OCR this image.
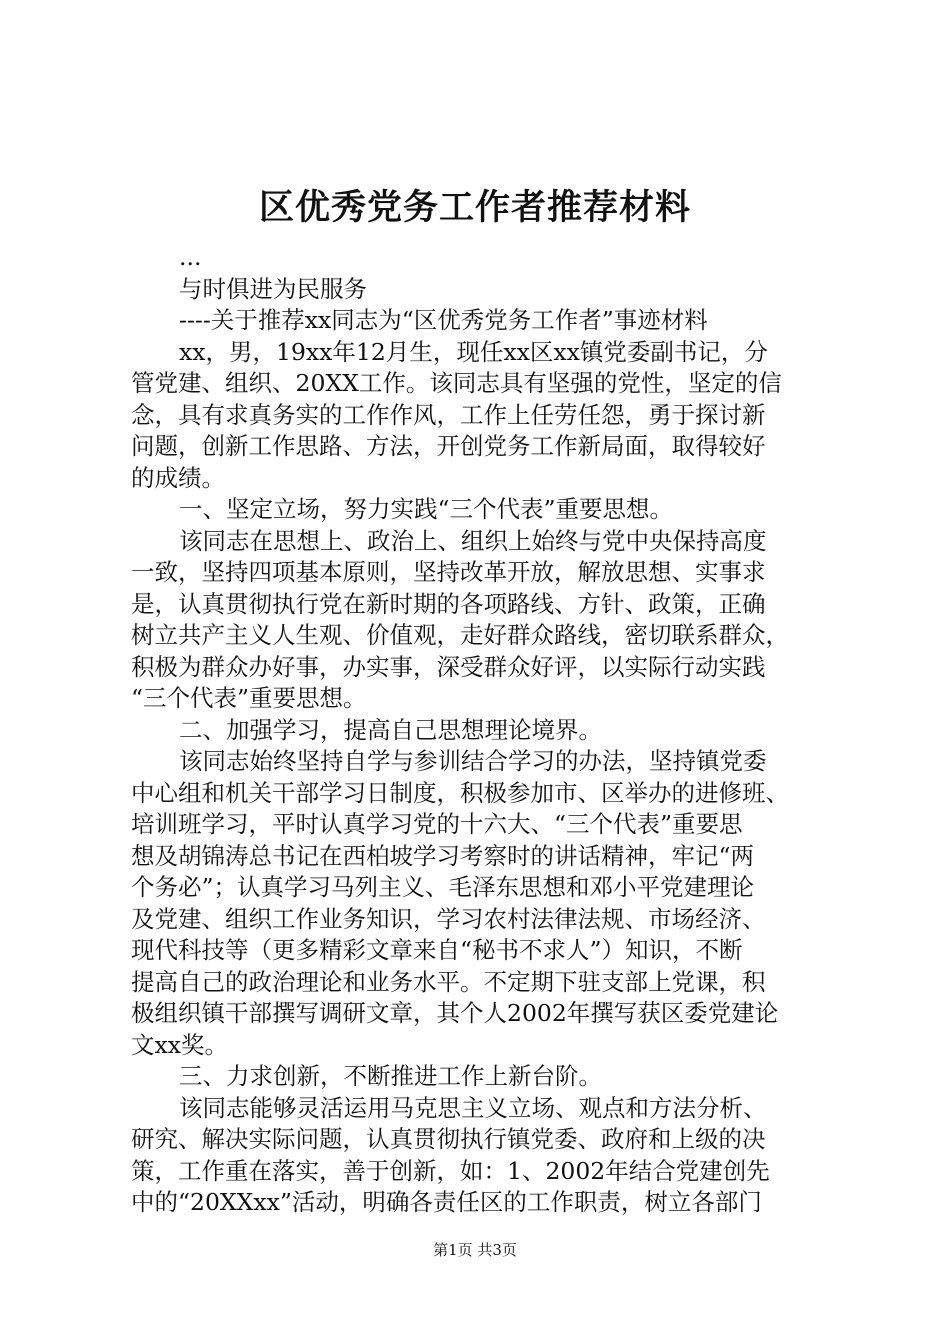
区优秀党务工作者推荐材料
...
与时俱进为民服务
----关于推荐xx同志为“区优秀党务工作者”事迹材料
xx，男，19xx年12月生，现任xx区xx镇党委副书记，分
管党建、组织、20XX工作。该同志具有坚强的党性，坚定的信
念，具有求真务实的工作作风，工作上任劳任怨，勇于探讨新
问题，创新工作思路、方法，开创党务工作新局面，取得较好
的成绩。
一、坚定立场，努力实践“三个代表”重要思想。
该同志在思想上、政治上、组织上始终与党中央保持高度
一致，坚持四项基本原则，坚持改革开放，解放思想、实事求
是，认真贯彻执行党在新时期的各项路线、方针、政策，正确
树立共产主义人生观、价值观，走好群众路线，密切联系群众，
积极为群众办好事，办实事，深受群众好评，以实际行动实践
“三个代表”重要思想。
二、加强学习，提高自己思想理论境界。
该同志始终坚持自学与参训结合学习的办法，坚持镇党委
中心组和机关干部学习日制度，积极参加市、区举办的进修班、
培训班学习，平时认真学习党的十六大、“三个代表”重要思
想及胡锦涛总书记在西柏坡学习考察时的讲话精神，牢记“两
个务必”；认真学习马列主义、毛泽东思想和邓小平党建理论
及党建、组织工作业务知识，学习农村法律法规、市场经济、
现代科技等（更多精彩文章来自“秘书不求人”）知识，不断
提高自己的政治理论和业务水平。不定期下驻支部上党课，积
极组织镇干部撰写调研文章，其个人2002年撰写获区委党建论
文xx奖。
三、力求创新，不断推进工作上新台阶。
该同志能够灵活运用马克思主义立场、观点和方法分析、
研究、解决实际问题，认真贯彻执行镇党委、政府和上级的决
策，工作重在落实，善于创新，如：1、2002年结合党建创先
中的“20XXxx”活动，明确各责任区的工作职责，树立各部门
第1页 共3页
